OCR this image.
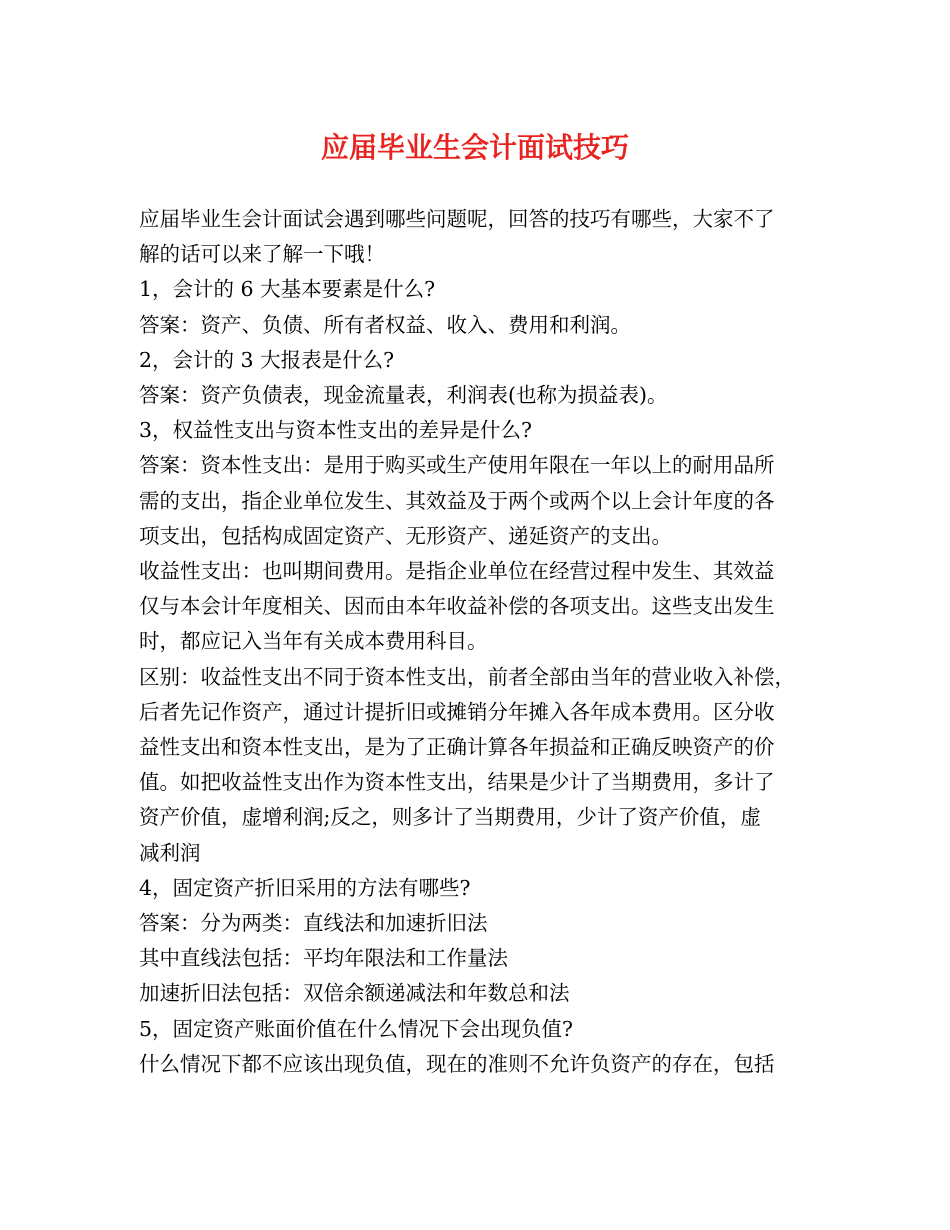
应届毕业生会计面试技巧

应届毕业生会计面试会遇到哪些问题呢，回答的技巧有哪些，大家不了

解的话可以来了解一下哦！

1，会计的 6 大基本要素是什么?

答案：资产、负债、所有者权益、收入、费用和利润。

2，会计的 3 大报表是什么?

答案：资产负债表，现金流量表，利润表(也称为损益表)。

3，权益性支出与资本性支出的差异是什么?

答案：资本性支出：是用于购买或生产使用年限在一年以上的耐用品所

需的支出，指企业单位发生、其效益及于两个或两个以上会计年度的各

项支出，包括构成固定资产、无形资产、递延资产的支出。

收益性支出：也叫期间费用。是指企业单位在经营过程中发生、其效益

仅与本会计年度相关、因而由本年收益补偿的各项支出。这些支出发生

时，都应记入当年有关成本费用科目。

区别：收益性支出不同于资本性支出，前者全部由当年的营业收入补偿，

后者先记作资产，通过计提折旧或摊销分年摊入各年成本费用。区分收

益性支出和资本性支出，是为了正确计算各年损益和正确反映资产的价

值。如把收益性支出作为资本性支出，结果是少计了当期费用，多计了

资产价值，虚增利润;反之，则多计了当期费用，少计了资产价值，虚

减利润

4，固定资产折旧采用的方法有哪些?

答案：分为两类：直线法和加速折旧法

其中直线法包括：平均年限法和工作量法

加速折旧法包括：双倍余额递减法和年数总和法

5，固定资产账面价值在什么情况下会出现负值?

什么情况下都不应该出现负值，现在的准则不允许负资产的存在，包括
